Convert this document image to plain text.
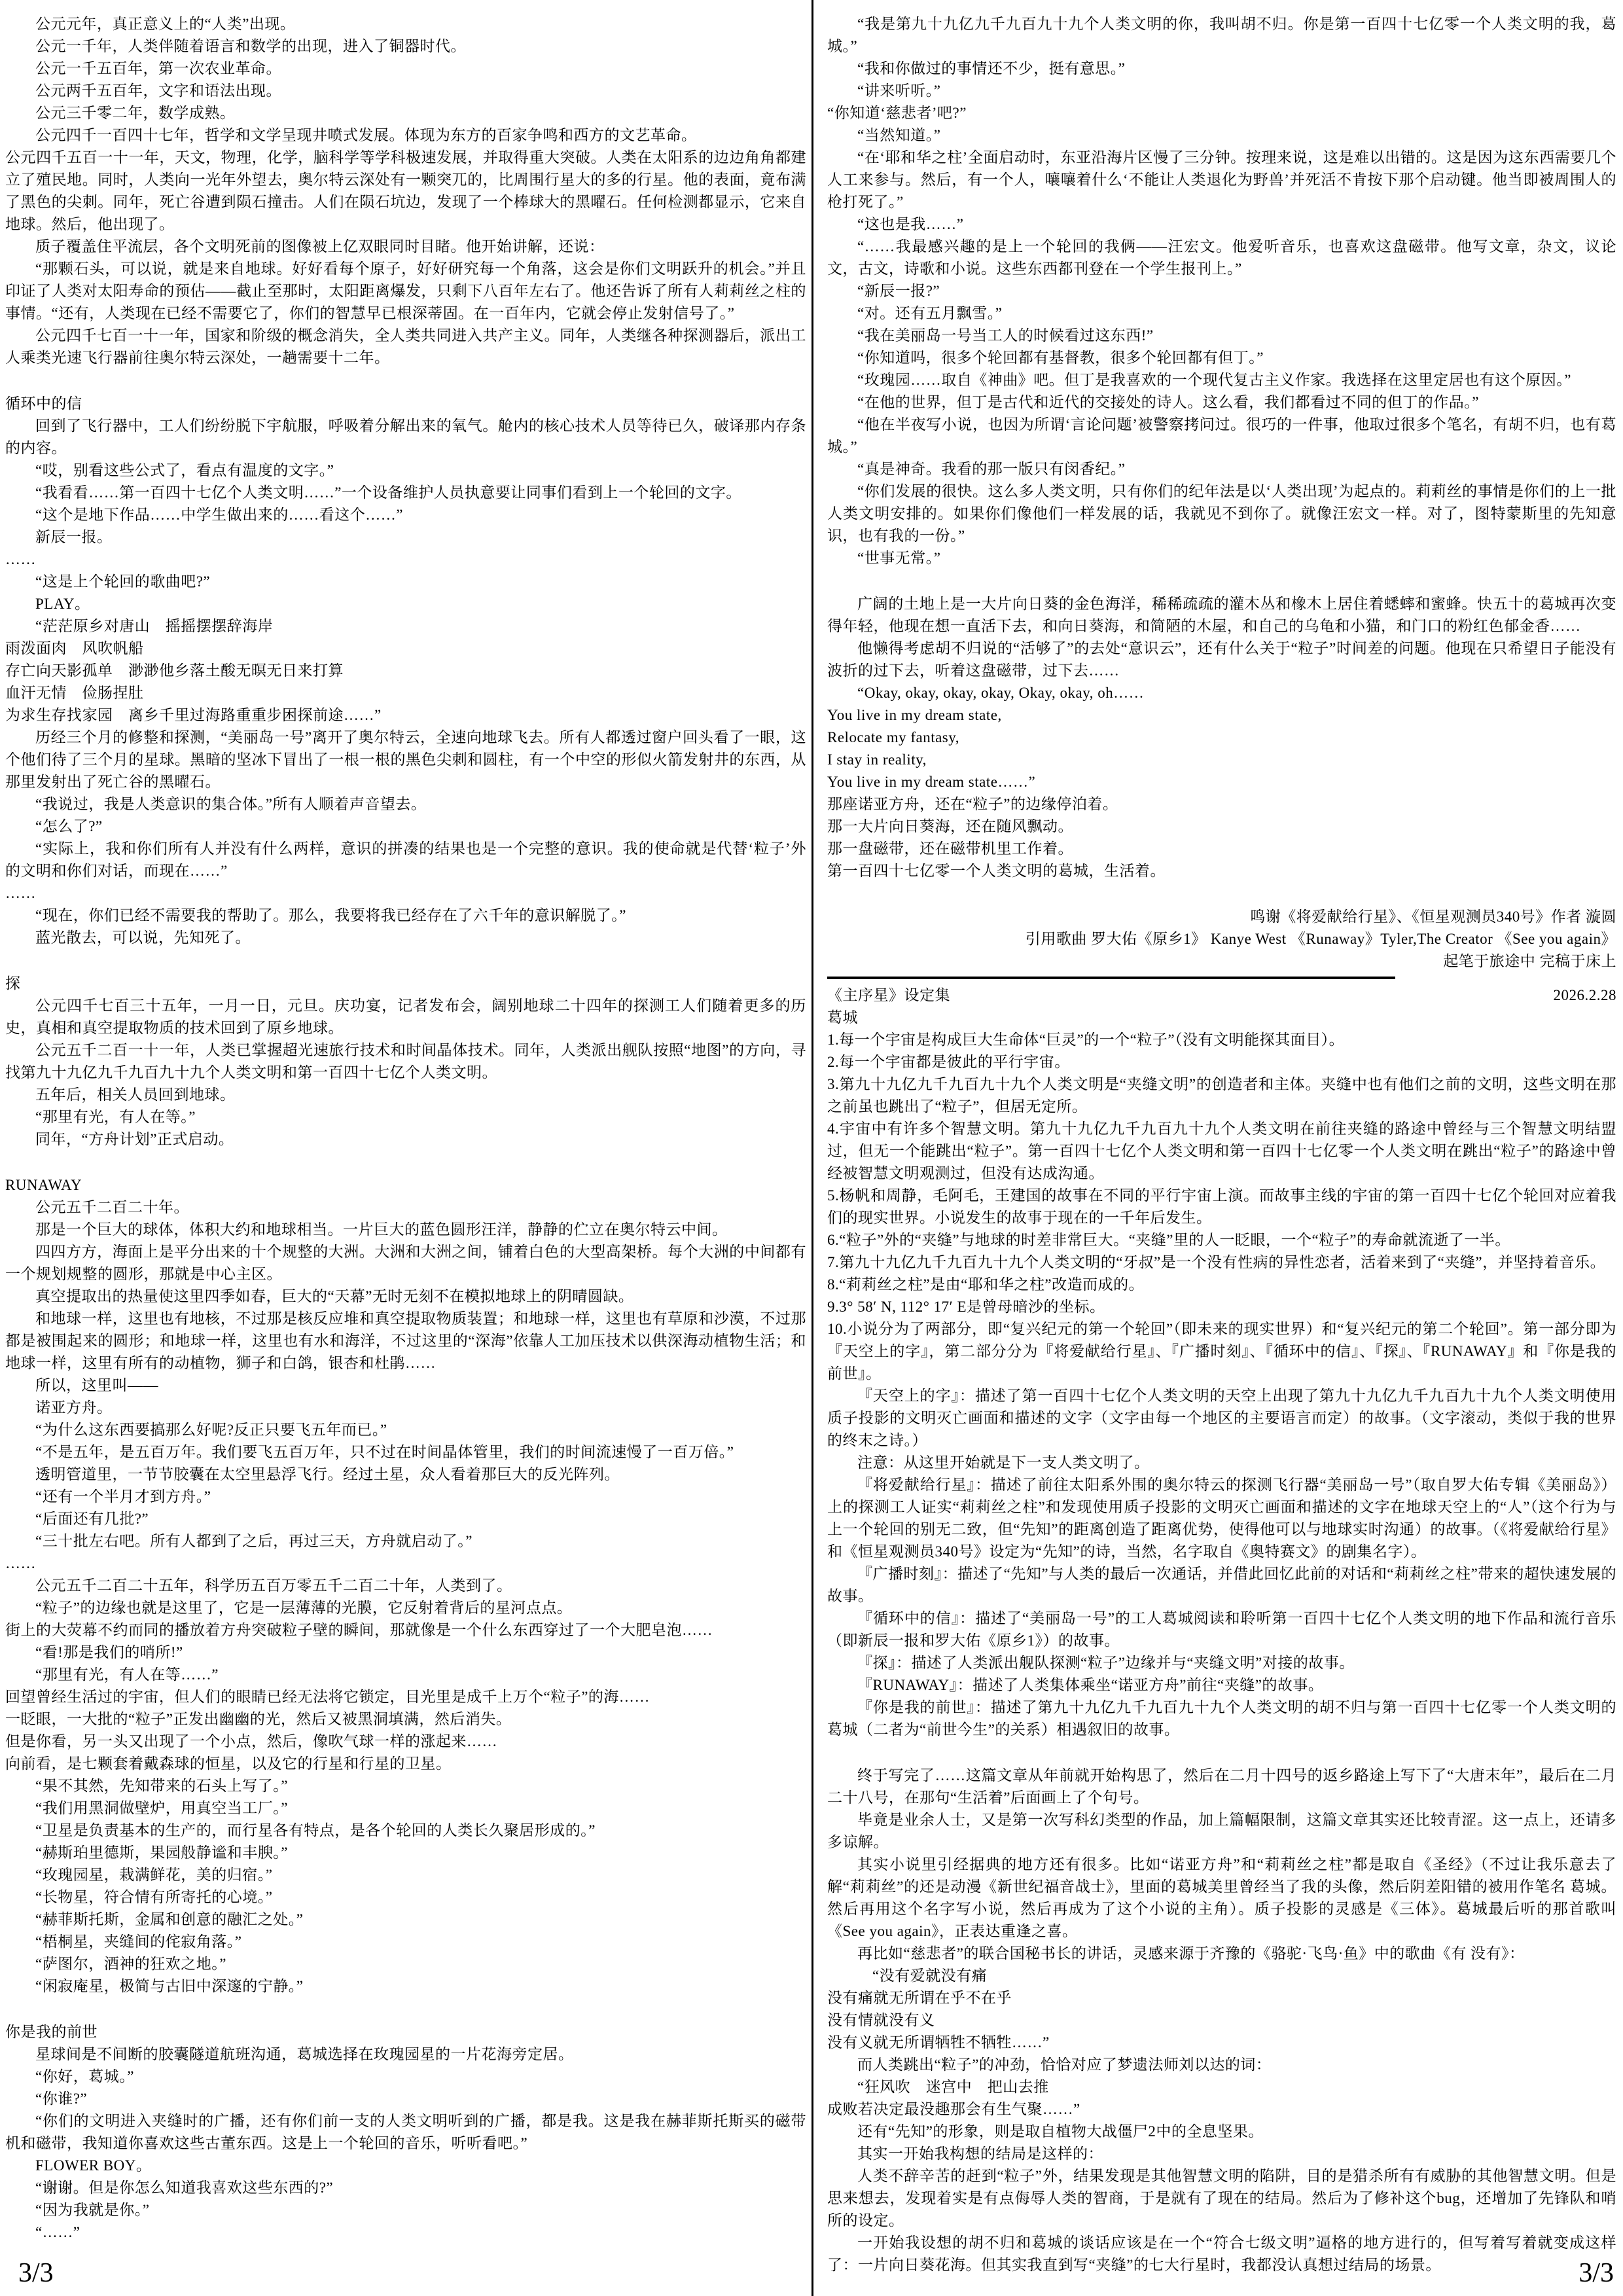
公元元年，真正意义上的“人类”出现。

公元一千年，人类伴随着语言和数学的出现，进入了铜器时代。

公元一千五百年，第一次农业革命。

公元两千五百年，文字和语法出现。

公元三千零二年，数学成熟。

公元四千一百四十七年，哲学和文学呈现井喷式发展。体现为东方的百家争鸣和西方的文艺革命。

公元四千五百一十一年，天文，物理，化学，脑科学等学科极速发展，并取得重大突破。人类在太阳系的边边角角都建立了殖民地。同时，人类向一光年外望去，奥尔特云深处有一颗突兀的，比周围行星大的多的行星。他的表面，竟布满了黑色的尖刺。同年，死亡谷遭到陨石撞击。人们在陨石坑边，发现了一个棒球大的黑曜石。任何检测都显示，它来自地球。然后，他出现了。

质子覆盖住平流层，各个文明死前的图像被上亿双眼同时目睹。他开始讲解，还说：

“那颗石头，可以说，就是来自地球。好好看每个原子，好好研究每一个角落，这会是你们文明跃升的机会。”并且印证了人类对太阳寿命的预估——截止至那时，太阳距离爆发，只剩下八百年左右了。他还告诉了所有人莉莉丝之柱的事情。“还有，人类现在已经不需要它了，你们的智慧早已根深蒂固。在一百年内，它就会停止发射信号了。”

公元四千七百一十一年，国家和阶级的概念消失，全人类共同进入共产主义。同年，人类继各种探测器后，派出工人乘类光速飞行器前往奥尔特云深处，一趟需要十二年。

循环中的信

回到了飞行器中，工人们纷纷脱下宇航服，呼吸着分解出来的氧气。舱内的核心技术人员等待已久，破译那内存条的内容。

“哎，别看这些公式了，看点有温度的文字。”

“我看看……第一百四十七亿个人类文明……”一个设备维护人员执意要让同事们看到上一个轮回的文字。

“这个是地下作品……中学生做出来的……看这个……”

新辰一报。

……

“这是上个轮回的歌曲吧?”

PLAY。

“茫茫原乡对唐山　摇摇摆摆辞海岸

雨泼面肉　风吹帆船

存亡向天影孤单　渺渺他乡落土酸无暝无日来打算

血汗无情　俭肠捏肚

为求生存找家园　离乡千里过海路重重步困探前途……”

历经三个月的修整和探测，“美丽岛一号”离开了奥尔特云，全速向地球飞去。所有人都透过窗户回头看了一眼，这个他们待了三个月的星球。黑暗的坚冰下冒出了一根一根的黑色尖刺和圆柱，有一个中空的形似火箭发射井的东西，从那里发射出了死亡谷的黑曜石。

“我说过，我是人类意识的集合体。”所有人顺着声音望去。

“怎么了?”

“实际上，我和你们所有人并没有什么两样，意识的拼凑的结果也是一个完整的意识。我的使命就是代替‘粒子’外的文明和你们对话，而现在……”

……

“现在，你们已经不需要我的帮助了。那么，我要将我已经存在了六千年的意识解脱了。”

蓝光散去，可以说，先知死了。

探

公元四千七百三十五年，一月一日，元旦。庆功宴，记者发布会，阔别地球二十四年的探测工人们随着更多的历史，真相和真空提取物质的技术回到了原乡地球。

公元五千二百一十一年，人类已掌握超光速旅行技术和时间晶体技术。同年，人类派出舰队按照“地图”的方向，寻找第九十九亿九千九百九十九个人类文明和第一百四十七亿个人类文明。

五年后，相关人员回到地球。

“那里有光，有人在等。”

同年，“方舟计划”正式启动。

RUNAWAY

公元五千二百二十年。

那是一个巨大的球体，体积大约和地球相当。一片巨大的蓝色圆形汪洋，静静的伫立在奥尔特云中间。

四四方方，海面上是平分出来的十个规整的大洲。大洲和大洲之间，铺着白色的大型高架桥。每个大洲的中间都有一个规划规整的圆形，那就是中心主区。

真空提取出的热量使这里四季如春，巨大的“天幕”无时无刻不在模拟地球上的阴晴圆缺。

和地球一样，这里也有地核，不过那是核反应堆和真空提取物质装置；和地球一样，这里也有草原和沙漠，不过那都是被围起来的圆形；和地球一样，这里也有水和海洋，不过这里的“深海”依靠人工加压技术以供深海动植物生活；和地球一样，这里有所有的动植物，狮子和白鸽，银杏和杜鹃……

所以，这里叫——

诺亚方舟。

“为什么这东西要搞那么好呢?反正只要飞五年而已。”

“不是五年，是五百万年。我们要飞五百万年，只不过在时间晶体管里，我们的时间流速慢了一百万倍。”

透明管道里，一节节胶囊在太空里悬浮飞行。经过土星，众人看着那巨大的反光阵列。

“还有一个半月才到方舟。”

“后面还有几批?”

“三十批左右吧。所有人都到了之后，再过三天，方舟就启动了。”

……

公元五千二百二十五年，科学历五百万零五千二百二十年，人类到了。

“粒子”的边缘也就是这里了，它是一层薄薄的光膜，它反射着背后的星河点点。

街上的大荧幕不约而同的播放着方舟突破粒子壁的瞬间，那就像是一个什么东西穿过了一个大肥皂泡……

“看!那是我们的哨所!”

“那里有光，有人在等……”

回望曾经生活过的宇宙，但人们的眼睛已经无法将它锁定，目光里是成千上万个“粒子”的海……

一眨眼，一大批的“粒子”正发出幽幽的光，然后又被黑洞填满，然后消失。

但是你看，另一头又出现了一个小点，然后，像吹气球一样的涨起来……

向前看，是七颗套着戴森球的恒星，以及它的行星和行星的卫星。

“果不其然，先知带来的石头上写了。”

“我们用黑洞做壁炉，用真空当工厂。”

“卫星是负责基本的生产的，而行星各有特点，是各个轮回的人类长久聚居形成的。”

“赫斯珀里德斯，果园般静谧和丰腴。”

“玫瑰园星，栽满鲜花，美的归宿。”

“长物星，符合情有所寄托的心境。”

“赫菲斯托斯，金属和创意的融汇之处。”

“梧桐星，夹缝间的侘寂角落。”

“萨图尔，酒神的狂欢之地。”

“闲寂庵星，极简与古旧中深邃的宁静。”

你是我的前世

星球间是不间断的胶囊隧道航班沟通，葛城选择在玫瑰园星的一片花海旁定居。

“你好，葛城。”

“你谁?”

“你们的文明进入夹缝时的广播，还有你们前一支的人类文明听到的广播，都是我。这是我在赫菲斯托斯买的磁带机和磁带，我知道你喜欢这些古董东西。这是上一个轮回的音乐，听听看吧。”

FLOWER BOY。

“谢谢。但是你怎么知道我喜欢这些东西的?”

“因为我就是你。”

“……”

“我是第九十九亿九千九百九十九个人类文明的你，我叫胡不归。你是第一百四十七亿零一个人类文明的我，葛城。”

“我和你做过的事情还不少，挺有意思。”

“讲来听听。”

“你知道‘慈悲者’吧?”

“当然知道。”

“在‘耶和华之柱’全面启动时，东亚沿海片区慢了三分钟。按理来说，这是难以出错的。这是因为这东西需要几个人工来参与。然后，有一个人，嚷嚷着什么‘不能让人类退化为野兽’并死活不肯按下那个启动键。他当即被周围人的枪打死了。”

“这也是我……”

“……我最感兴趣的是上一个轮回的我俩——汪宏文。他爱听音乐，也喜欢这盘磁带。他写文章，杂文，议论文，古文，诗歌和小说。这些东西都刊登在一个学生报刊上。”

“新辰一报?”

“对。还有五月飘雪。”

“我在美丽岛一号当工人的时候看过这东西!”

“你知道吗，很多个轮回都有基督教，很多个轮回都有但丁。”

“玫瑰园……取自《神曲》吧。但丁是我喜欢的一个现代复古主义作家。我选择在这里定居也有这个原因。”

“在他的世界，但丁是古代和近代的交接处的诗人。这么看，我们都看过不同的但丁的作品。”

“他在半夜写小说，也因为所谓‘言论问题’被警察拷问过。很巧的一件事，他取过很多个笔名，有胡不归，也有葛城。”

“真是神奇。我看的那一版只有闵香纪。”

“你们发展的很快。这么多人类文明，只有你们的纪年法是以‘人类出现’为起点的。莉莉丝的事情是你们的上一批人类文明安排的。如果你们像他们一样发展的话，我就见不到你了。就像汪宏文一样。对了，图特蒙斯里的先知意识，也有我的一份。”

“世事无常。”

广阔的土地上是一大片向日葵的金色海洋，稀稀疏疏的灌木丛和橡木上居住着蟋蟀和蜜蜂。快五十的葛城再次变得年轻，他现在想一直活下去，和向日葵海，和简陋的木屋，和自己的乌龟和小猫，和门口的粉红色郁金香……

他懒得考虑胡不归说的“活够了”的去处“意识云”，还有什么关于“粒子”时间差的问题。他现在只希望日子能没有波折的过下去，听着这盘磁带，过下去……

“Okay, okay, okay, okay, Okay, okay, oh……

You live in my dream state,

Relocate my fantasy,

I stay in reality,

You live in my dream state……”

那座诺亚方舟，还在“粒子”的边缘停泊着。

那一大片向日葵海，还在随风飘动。

那一盘磁带，还在磁带机里工作着。

第一百四十七亿零一个人类文明的葛城，生活着。

鸣谢《将爱献给行星》、《恒星观测员340号》作者 漩圆

引用歌曲 罗大佑《原乡1》 Kanye West 《Runaway》Tyler,The Creator 《See you again》

起笔于旅途中 完稿于床上

《主序星》设定集	2026.2.28

葛城

1.每一个宇宙是构成巨大生命体“巨灵”的一个“粒子”（没有文明能探其面目）。

2.每一个宇宙都是彼此的平行宇宙。

3.第九十九亿九千九百九十九个人类文明是“夹缝文明”的创造者和主体。夹缝中也有他们之前的文明，这些文明在那之前虽也跳出了“粒子”，但居无定所。

4.宇宙中有许多个智慧文明。第九十九亿九千九百九十九个人类文明在前往夹缝的路途中曾经与三个智慧文明结盟过，但无一个能跳出“粒子”。第一百四十七亿个人类文明和第一百四十七亿零一个人类文明在跳出“粒子”的路途中曾经被智慧文明观测过，但没有达成沟通。

5.杨帆和周静，毛阿毛，王建国的故事在不同的平行宇宙上演。而故事主线的宇宙的第一百四十七亿个轮回对应着我们的现实世界。小说发生的故事于现在的一千年后发生。

6.“粒子”外的“夹缝”与地球的时差非常巨大。“夹缝”里的人一眨眼，一个“粒子”的寿命就流逝了一半。

7.第九十九亿九千九百九十九个人类文明的“牙叔”是一个没有性病的异性恋者，活着来到了“夹缝”，并坚持着音乐。

8.“莉莉丝之柱”是由“耶和华之柱”改造而成的。

9.3° 58′ N, 112° 17′ E是曾母暗沙的坐标。

10.小说分为了两部分，即“复兴纪元的第一个轮回”（即未来的现实世界）和“复兴纪元的第二个轮回”。第一部分即为『天空上的字』，第二部分分为『将爱献给行星』、『广播时刻』、『循环中的信』、『探』、『RUNAWAY』和『你是我的前世』。

『天空上的字』：描述了第一百四十七亿个人类文明的天空上出现了第九十九亿九千九百九十九个人类文明使用质子投影的文明灭亡画面和描述的文字（文字由每一个地区的主要语言而定）的故事。（文字滚动，类似于我的世界的终末之诗。）

注意：从这里开始就是下一支人类文明了。

『将爱献给行星』：描述了前往太阳系外围的奥尔特云的探测飞行器“美丽岛一号”（取自罗大佑专辑《美丽岛》）上的探测工人证实“莉莉丝之柱”和发现使用质子投影的文明灭亡画面和描述的文字在地球天空上的“人”（这个行为与上一个轮回的别无二致，但“先知”的距离创造了距离优势，使得他可以与地球实时沟通）的故事。（《将爱献给行星》和《恒星观测员340号》设定为“先知”的诗，当然，名字取自《奥特赛文》的剧集名字）。

『广播时刻』：描述了“先知”与人类的最后一次通话，并借此回忆此前的对话和“莉莉丝之柱”带来的超快速发展的故事。

『循环中的信』：描述了“美丽岛一号”的工人葛城阅读和聆听第一百四十七亿个人类文明的地下作品和流行音乐（即新辰一报和罗大佑《原乡1》）的故事。

『探』：描述了人类派出舰队探测“粒子”边缘并与“夹缝文明”对接的故事。

『RUNAWAY』：描述了人类集体乘坐“诺亚方舟”前往“夹缝”的故事。

『你是我的前世』：描述了第九十九亿九千九百九十九个人类文明的胡不归与第一百四十七亿零一个人类文明的葛城（二者为“前世今生”的关系）相遇叙旧的故事。

终于写完了……这篇文章从年前就开始构思了，然后在二月十四号的返乡路途上写下了“大唐末年”，最后在二月二十八号，在那句“生活着”后面画上了个句号。

毕竟是业余人士，又是第一次写科幻类型的作品，加上篇幅限制，这篇文章其实还比较青涩。这一点上，还请多多谅解。

其实小说里引经据典的地方还有很多。比如“诺亚方舟”和“莉莉丝之柱”都是取自《圣经》（不过让我乐意去了解“莉莉丝”的还是动漫《新世纪福音战士》，里面的葛城美里曾经当了我的头像，然后阴差阳错的被用作笔名 葛城。然后再用这个名字写小说，然后再成为了这个小说的主角）。质子投影的灵感是《三体》。葛城最后听的那首歌叫《See you again》，正表达重逢之喜。

再比如“慈悲者”的联合国秘书长的讲话，灵感来源于齐豫的《骆驼·飞鸟·鱼》中的歌曲《有 没有》：

“没有爱就没有痛

没有痛就无所谓在乎不在乎

没有情就没有义

没有义就无所谓牺牲不牺牲……”

而人类跳出“粒子”的冲劲，恰恰对应了梦遗法师刘以达的词：

“狂风吹　迷宫中　把山去推

成败若决定最没趣那会有生气聚……”

还有“先知”的形象，则是取自植物大战僵尸2中的全息坚果。

其实一开始我构想的结局是这样的：

人类不辞辛苦的赶到“粒子”外，结果发现是其他智慧文明的陷阱，目的是猎杀所有有威胁的其他智慧文明。但是思来想去，发现着实是有点侮辱人类的智商，于是就有了现在的结局。然后为了修补这个bug，还增加了先锋队和哨所的设定。

一开始我设想的胡不归和葛城的谈话应该是在一个“符合七级文明”逼格的地方进行的，但写着写着就变成这样了：一片向日葵花海。但其实我直到写“夹缝”的七大行星时，我都没认真想过结局的场景。

3/3	3/3
